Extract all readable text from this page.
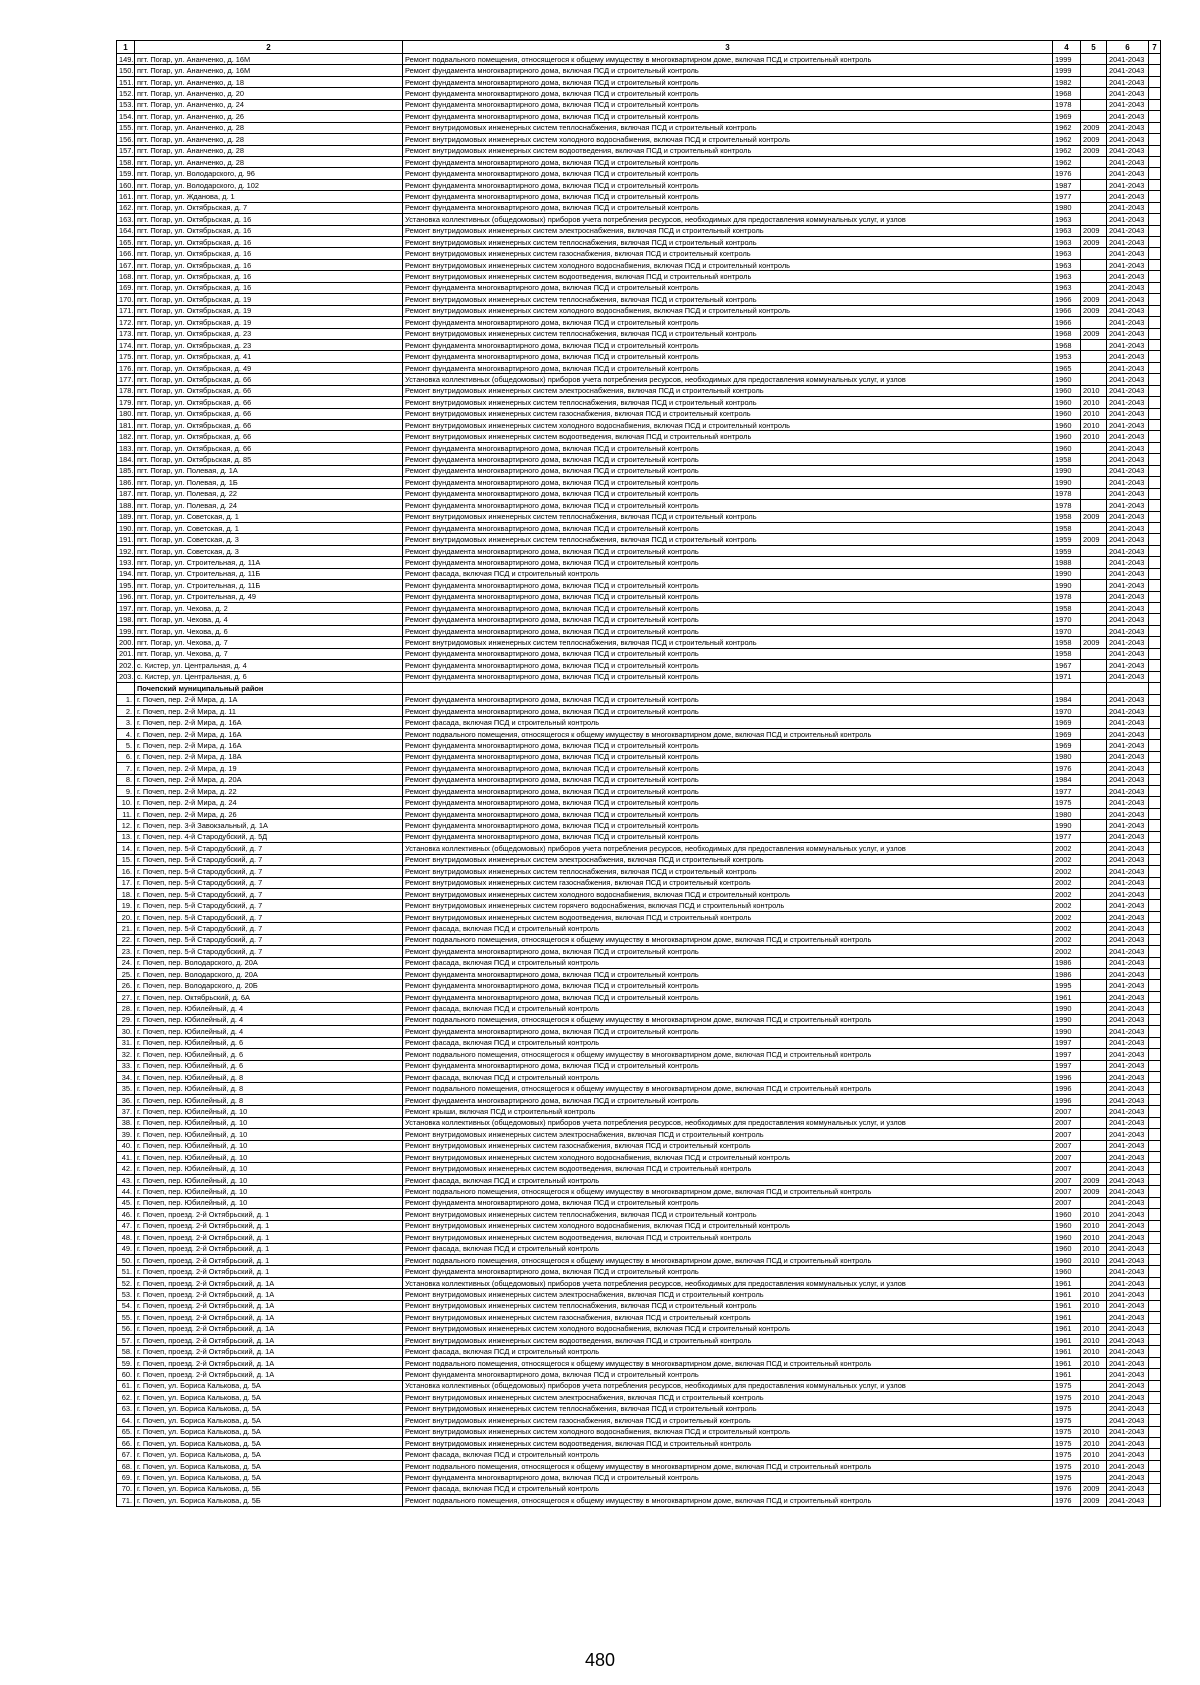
1	2	3	4	5	6	7
149.	пгт. Погар, ул. Ананченко, д. 16М	Ремонт подвального помещения, относящегося к общему имуществу в многоквартирном доме, включая ПСД и строительный контроль	1999		2041-2043	
150.	пгт. Погар, ул. Ананченко, д. 16М	Ремонт фундамента многоквартирного дома, включая ПСД и строительный контроль	1999		2041-2043	
151.	пгт. Погар, ул. Ананченко, д. 18	Ремонт фундамента многоквартирного дома, включая ПСД и строительный контроль	1982		2041-2043	
152.	пгт. Погар, ул. Ананченко, д. 20	Ремонт фундамента многоквартирного дома, включая ПСД и строительный контроль	1968		2041-2043	
153.	пгт. Погар, ул. Ананченко, д. 24	Ремонт фундамента многоквартирного дома, включая ПСД и строительный контроль	1978		2041-2043	
154.	пгт. Погар, ул. Ананченко, д. 26	Ремонт фундамента многоквартирного дома, включая ПСД и строительный контроль	1969		2041-2043	
155.	пгт. Погар, ул. Ананченко, д. 28	Ремонт внутридомовых инженерных систем теплоснабжения, включая ПСД и строительный контроль	1962	2009	2041-2043	
156.	пгт. Погар, ул. Ананченко, д. 28	Ремонт внутридомовых инженерных систем холодного водоснабжения, включая ПСД и строительный контроль	1962	2009	2041-2043	
157.	пгт. Погар, ул. Ананченко, д. 28	Ремонт внутридомовых инженерных систем водоотведения, включая ПСД и строительный контроль	1962	2009	2041-2043	
158.	пгт. Погар, ул. Ананченко, д. 28	Ремонт фундамента многоквартирного дома, включая ПСД и строительный контроль	1962		2041-2043	
159.	пгт. Погар, ул. Володарского, д. 96	Ремонт фундамента многоквартирного дома, включая ПСД и строительный контроль	1976		2041-2043	
160.	пгт. Погар, ул. Володарского, д. 102	Ремонт фундамента многоквартирного дома, включая ПСД и строительный контроль	1987		2041-2043	
161.	пгт. Погар, ул. Жданова, д. 1	Ремонт фундамента многоквартирного дома, включая ПСД и строительный контроль	1977		2041-2043	
162.	пгт. Погар, ул. Октябрьская, д. 7	Ремонт фундамента многоквартирного дома, включая ПСД и строительный контроль	1980		2041-2043	
163.	пгт. Погар, ул. Октябрьская, д. 16	Установка коллективных (общедомовых) приборов учета потребления ресурсов, необходимых для предоставления коммунальных услуг, и узлов	1963		2041-2043	
164.	пгт. Погар, ул. Октябрьская, д. 16	Ремонт внутридомовых инженерных систем электроснабжения, включая ПСД и строительный контроль	1963	2009	2041-2043	
165.	пгт. Погар, ул. Октябрьская, д. 16	Ремонт внутридомовых инженерных систем теплоснабжения, включая ПСД и строительный контроль	1963	2009	2041-2043	
166.	пгт. Погар, ул. Октябрьская, д. 16	Ремонт внутридомовых инженерных систем газоснабжения, включая ПСД и строительный контроль	1963		2041-2043	
167.	пгт. Погар, ул. Октябрьская, д. 16	Ремонт внутридомовых инженерных систем холодного водоснабжения, включая ПСД и строительный контроль	1963		2041-2043	
168.	пгт. Погар, ул. Октябрьская, д. 16	Ремонт внутридомовых инженерных систем водоотведения, включая ПСД и строительный контроль	1963		2041-2043	
169.	пгт. Погар, ул. Октябрьская, д. 16	Ремонт фундамента многоквартирного дома, включая ПСД и строительный контроль	1963		2041-2043	
170.	пгт. Погар, ул. Октябрьская, д. 19	Ремонт внутридомовых инженерных систем теплоснабжения, включая ПСД и строительный контроль	1966	2009	2041-2043	
171.	пгт. Погар, ул. Октябрьская, д. 19	Ремонт внутридомовых инженерных систем холодного водоснабжения, включая ПСД и строительный контроль	1966	2009	2041-2043	
172.	пгт. Погар, ул. Октябрьская, д. 19	Ремонт фундамента многоквартирного дома, включая ПСД и строительный контроль	1966		2041-2043	
173.	пгт. Погар, ул. Октябрьская, д. 23	Ремонт внутридомовых инженерных систем теплоснабжения, включая ПСД и строительный контроль	1968	2009	2041-2043	
174.	пгт. Погар, ул. Октябрьская, д. 23	Ремонт фундамента многоквартирного дома, включая ПСД и строительный контроль	1968		2041-2043	
175.	пгт. Погар, ул. Октябрьская, д. 41	Ремонт фундамента многоквартирного дома, включая ПСД и строительный контроль	1953		2041-2043	
176.	пгт. Погар, ул. Октябрьская, д. 49	Ремонт фундамента многоквартирного дома, включая ПСД и строительный контроль	1965		2041-2043	
177.	пгт. Погар, ул. Октябрьская, д. 66	Установка коллективных (общедомовых) приборов учета потребления ресурсов, необходимых для предоставления коммунальных услуг, и узлов	1960		2041-2043	
178.	пгт. Погар, ул. Октябрьская, д. 66	Ремонт внутридомовых инженерных систем электроснабжения, включая ПСД и строительный контроль	1960	2010	2041-2043	
179.	пгт. Погар, ул. Октябрьская, д. 66	Ремонт внутридомовых инженерных систем теплоснабжения, включая ПСД и строительный контроль	1960	2010	2041-2043	
180.	пгт. Погар, ул. Октябрьская, д. 66	Ремонт внутридомовых инженерных систем газоснабжения, включая ПСД и строительный контроль	1960	2010	2041-2043	
181.	пгт. Погар, ул. Октябрьская, д. 66	Ремонт внутридомовых инженерных систем холодного водоснабжения, включая ПСД и строительный контроль	1960	2010	2041-2043	
182.	пгт. Погар, ул. Октябрьская, д. 66	Ремонт внутридомовых инженерных систем водоотведения, включая ПСД и строительный контроль	1960	2010	2041-2043	
183.	пгт. Погар, ул. Октябрьская, д. 66	Ремонт фундамента многоквартирного дома, включая ПСД и строительный контроль	1960		2041-2043	
184.	пгт. Погар, ул. Октябрьская, д. 85	Ремонт фундамента многоквартирного дома, включая ПСД и строительный контроль	1958		2041-2043	
185.	пгт. Погар, ул. Полевая, д. 1А	Ремонт фундамента многоквартирного дома, включая ПСД и строительный контроль	1990		2041-2043	
186.	пгт. Погар, ул. Полевая, д. 1Б	Ремонт фундамента многоквартирного дома, включая ПСД и строительный контроль	1990		2041-2043	
187.	пгт. Погар, ул. Полевая, д. 22	Ремонт фундамента многоквартирного дома, включая ПСД и строительный контроль	1978		2041-2043	
188.	пгт. Погар, ул. Полевая, д. 24	Ремонт фундамента многоквартирного дома, включая ПСД и строительный контроль	1978		2041-2043	
189.	пгт. Погар, ул. Советская, д. 1	Ремонт внутридомовых инженерных систем теплоснабжения, включая ПСД и строительный контроль	1958	2009	2041-2043	
190.	пгт. Погар, ул. Советская, д. 1	Ремонт фундамента многоквартирного дома, включая ПСД и строительный контроль	1958		2041-2043	
191.	пгт. Погар, ул. Советская, д. 3	Ремонт внутридомовых инженерных систем теплоснабжения, включая ПСД и строительный контроль	1959	2009	2041-2043	
192.	пгт. Погар, ул. Советская, д. 3	Ремонт фундамента многоквартирного дома, включая ПСД и строительный контроль	1959		2041-2043	
193.	пгт. Погар, ул. Строительная, д. 11А	Ремонт фундамента многоквартирного дома, включая ПСД и строительный контроль	1988		2041-2043	
194.	пгт. Погар, ул. Строительная, д. 11Б	Ремонт фасада, включая ПСД и строительный контроль	1990		2041-2043	
195.	пгт. Погар, ул. Строительная, д. 11Б	Ремонт фундамента многоквартирного дома, включая ПСД и строительный контроль	1990		2041-2043	
196.	пгт. Погар, ул. Строительная, д. 49	Ремонт фундамента многоквартирного дома, включая ПСД и строительный контроль	1978		2041-2043	
197.	пгт. Погар, ул. Чехова, д. 2	Ремонт фундамента многоквартирного дома, включая ПСД и строительный контроль	1958		2041-2043	
198.	пгт. Погар, ул. Чехова, д. 4	Ремонт фундамента многоквартирного дома, включая ПСД и строительный контроль	1970		2041-2043	
199.	пгт. Погар, ул. Чехова, д. 6	Ремонт фундамента многоквартирного дома, включая ПСД и строительный контроль	1970		2041-2043	
200.	пгт. Погар, ул. Чехова, д. 7	Ремонт внутридомовых инженерных систем теплоснабжения, включая ПСД и строительный контроль	1958	2009	2041-2043	
201.	пгт. Погар, ул. Чехова, д. 7	Ремонт фундамента многоквартирного дома, включая ПСД и строительный контроль	1958		2041-2043	
202.	с. Кистер, ул. Центральная, д. 4	Ремонт фундамента многоквартирного дома, включая ПСД и строительный контроль	1967		2041-2043	
203.	с. Кистер, ул. Центральная, д. 6	Ремонт фундамента многоквартирного дома, включая ПСД и строительный контроль	1971		2041-2043	
	Почепский муниципальный район					
1.	г. Почеп, пер. 2-й Мира, д. 1А	Ремонт фундамента многоквартирного дома, включая ПСД и строительный контроль	1984		2041-2043	
2.	г. Почеп, пер. 2-й Мира, д. 11	Ремонт фундамента многоквартирного дома, включая ПСД и строительный контроль	1970		2041-2043	
3.	г. Почеп, пер. 2-й Мира, д. 16А	Ремонт фасада, включая ПСД и строительный контроль	1969		2041-2043	
4.	г. Почеп, пер. 2-й Мира, д. 16А	Ремонт подвального помещения, относящегося к общему имуществу в многоквартирном доме, включая ПСД и строительный контроль	1969		2041-2043	
5.	г. Почеп, пер. 2-й Мира, д. 16А	Ремонт фундамента многоквартирного дома, включая ПСД и строительный контроль	1969		2041-2043	
6.	г. Почеп, пер. 2-й Мира, д. 18А	Ремонт фундамента многоквартирного дома, включая ПСД и строительный контроль	1980		2041-2043	
7.	г. Почеп, пер. 2-й Мира, д. 19	Ремонт фундамента многоквартирного дома, включая ПСД и строительный контроль	1976		2041-2043	
8.	г. Почеп, пер. 2-й Мира, д. 20А	Ремонт фундамента многоквартирного дома, включая ПСД и строительный контроль	1984		2041-2043	
9.	г. Почеп, пер. 2-й Мира, д. 22	Ремонт фундамента многоквартирного дома, включая ПСД и строительный контроль	1977		2041-2043	
10.	г. Почеп, пер. 2-й Мира, д. 24	Ремонт фундамента многоквартирного дома, включая ПСД и строительный контроль	1975		2041-2043	
11.	г. Почеп, пер. 2-й Мира, д. 26	Ремонт фундамента многоквартирного дома, включая ПСД и строительный контроль	1980		2041-2043	
12.	г. Почеп, пер. 3-й Завокзальный, д. 1А	Ремонт фундамента многоквартирного дома, включая ПСД и строительный контроль	1990		2041-2043	
13.	г. Почеп, пер. 4-й Стародубский, д. 5Д	Ремонт фундамента многоквартирного дома, включая ПСД и строительный контроль	1977		2041-2043	
14.	г. Почеп, пер. 5-й Стародубский, д. 7	Установка коллективных (общедомовых) приборов учета потребления ресурсов, необходимых для предоставления коммунальных услуг, и узлов	2002		2041-2043	
15.	г. Почеп, пер. 5-й Стародубский, д. 7	Ремонт внутридомовых инженерных систем электроснабжения, включая ПСД и строительный контроль	2002		2041-2043	
16.	г. Почеп, пер. 5-й Стародубский, д. 7	Ремонт внутридомовых инженерных систем теплоснабжения, включая ПСД и строительный контроль	2002		2041-2043	
17.	г. Почеп, пер. 5-й Стародубский, д. 7	Ремонт внутридомовых инженерных систем газоснабжения, включая ПСД и строительный контроль	2002		2041-2043	
18.	г. Почеп, пер. 5-й Стародубский, д. 7	Ремонт внутридомовых инженерных систем холодного водоснабжения, включая ПСД и строительный контроль	2002		2041-2043	
19.	г. Почеп, пер. 5-й Стародубский, д. 7	Ремонт внутридомовых инженерных систем горячего водоснабжения, включая ПСД и строительный контроль	2002		2041-2043	
20.	г. Почеп, пер. 5-й Стародубский, д. 7	Ремонт внутридомовых инженерных систем водоотведения, включая ПСД и строительный контроль	2002		2041-2043	
21.	г. Почеп, пер. 5-й Стародубский, д. 7	Ремонт фасада, включая ПСД и строительный контроль	2002		2041-2043	
22.	г. Почеп, пер. 5-й Стародубский, д. 7	Ремонт подвального помещения, относящегося к общему имуществу в многоквартирном доме, включая ПСД и строительный контроль	2002		2041-2043	
23.	г. Почеп, пер. 5-й Стародубский, д. 7	Ремонт фундамента многоквартирного дома, включая ПСД и строительный контроль	2002		2041-2043	
24.	г. Почеп, пер. Володарского, д. 20А	Ремонт фасада, включая ПСД и строительный контроль	1986		2041-2043	
25.	г. Почеп, пер. Володарского, д. 20А	Ремонт фундамента многоквартирного дома, включая ПСД и строительный контроль	1986		2041-2043	
26.	г. Почеп, пер. Володарского, д. 20Б	Ремонт фундамента многоквартирного дома, включая ПСД и строительный контроль	1995		2041-2043	
27.	г. Почеп, пер. Октябрьский, д. 6А	Ремонт фундамента многоквартирного дома, включая ПСД и строительный контроль	1961		2041-2043	
28.	г. Почеп, пер. Юбилейный, д. 4	Ремонт фасада, включая ПСД и строительный контроль	1990		2041-2043	
29.	г. Почеп, пер. Юбилейный, д. 4	Ремонт подвального помещения, относящегося к общему имуществу в многоквартирном доме, включая ПСД и строительный контроль	1990		2041-2043	
30.	г. Почеп, пер. Юбилейный, д. 4	Ремонт фундамента многоквартирного дома, включая ПСД и строительный контроль	1990		2041-2043	
31.	г. Почеп, пер. Юбилейный, д. 6	Ремонт фасада, включая ПСД и строительный контроль	1997		2041-2043	
32.	г. Почеп, пер. Юбилейный, д. 6	Ремонт подвального помещения, относящегося к общему имуществу в многоквартирном доме, включая ПСД и строительный контроль	1997		2041-2043	
33.	г. Почеп, пер. Юбилейный, д. 6	Ремонт фундамента многоквартирного дома, включая ПСД и строительный контроль	1997		2041-2043	
34.	г. Почеп, пер. Юбилейный, д. 8	Ремонт фасада, включая ПСД и строительный контроль	1996		2041-2043	
35.	г. Почеп, пер. Юбилейный, д. 8	Ремонт подвального помещения, относящегося к общему имуществу в многоквартирном доме, включая ПСД и строительный контроль	1996		2041-2043	
36.	г. Почеп, пер. Юбилейный, д. 8	Ремонт фундамента многоквартирного дома, включая ПСД и строительный контроль	1996		2041-2043	
37.	г. Почеп, пер. Юбилейный, д. 10	Ремонт крыши, включая ПСД и строительный контроль	2007		2041-2043	
38.	г. Почеп, пер. Юбилейный, д. 10	Установка коллективных (общедомовых) приборов учета потребления ресурсов, необходимых для предоставления коммунальных услуг, и узлов	2007		2041-2043	
39.	г. Почеп, пер. Юбилейный, д. 10	Ремонт внутридомовых инженерных систем электроснабжения, включая ПСД и строительный контроль	2007		2041-2043	
40.	г. Почеп, пер. Юбилейный, д. 10	Ремонт внутридомовых инженерных систем газоснабжения, включая ПСД и строительный контроль	2007		2041-2043	
41.	г. Почеп, пер. Юбилейный, д. 10	Ремонт внутридомовых инженерных систем холодного водоснабжения, включая ПСД и строительный контроль	2007		2041-2043	
42.	г. Почеп, пер. Юбилейный, д. 10	Ремонт внутридомовых инженерных систем водоотведения, включая ПСД и строительный контроль	2007		2041-2043	
43.	г. Почеп, пер. Юбилейный, д. 10	Ремонт фасада, включая ПСД и строительный контроль	2007	2009	2041-2043	
44.	г. Почеп, пер. Юбилейный, д. 10	Ремонт подвального помещения, относящегося к общему имуществу в многоквартирном доме, включая ПСД и строительный контроль	2007	2009	2041-2043	
45.	г. Почеп, пер. Юбилейный, д. 10	Ремонт фундамента многоквартирного дома, включая ПСД и строительный контроль	2007		2041-2043	
46.	г. Почеп, проезд. 2-й Октябрьский, д. 1	Ремонт внутридомовых инженерных систем теплоснабжения, включая ПСД и строительный контроль	1960	2010	2041-2043	
47.	г. Почеп, проезд. 2-й Октябрьский, д. 1	Ремонт внутридомовых инженерных систем холодного водоснабжения, включая ПСД и строительный контроль	1960	2010	2041-2043	
48.	г. Почеп, проезд. 2-й Октябрьский, д. 1	Ремонт внутридомовых инженерных систем водоотведения, включая ПСД и строительный контроль	1960	2010	2041-2043	
49.	г. Почеп, проезд. 2-й Октябрьский, д. 1	Ремонт фасада, включая ПСД и строительный контроль	1960	2010	2041-2043	
50.	г. Почеп, проезд. 2-й Октябрьский, д. 1	Ремонт подвального помещения, относящегося к общему имуществу в многоквартирном доме, включая ПСД и строительный контроль	1960	2010	2041-2043	
51.	г. Почеп, проезд. 2-й Октябрьский, д. 1	Ремонт фундамента многоквартирного дома, включая ПСД и строительный контроль	1960		2041-2043	
52.	г. Почеп, проезд. 2-й Октябрьский, д. 1А	Установка коллективных (общедомовых) приборов учета потребления ресурсов, необходимых для предоставления коммунальных услуг, и узлов	1961		2041-2043	
53.	г. Почеп, проезд. 2-й Октябрьский, д. 1А	Ремонт внутридомовых инженерных систем электроснабжения, включая ПСД и строительный контроль	1961	2010	2041-2043	
54.	г. Почеп, проезд. 2-й Октябрьский, д. 1А	Ремонт внутридомовых инженерных систем теплоснабжения, включая ПСД и строительный контроль	1961	2010	2041-2043	
55.	г. Почеп, проезд. 2-й Октябрьский, д. 1А	Ремонт внутридомовых инженерных систем газоснабжения, включая ПСД и строительный контроль	1961		2041-2043	
56.	г. Почеп, проезд. 2-й Октябрьский, д. 1А	Ремонт внутридомовых инженерных систем холодного водоснабжения, включая ПСД и строительный контроль	1961	2010	2041-2043	
57.	г. Почеп, проезд. 2-й Октябрьский, д. 1А	Ремонт внутридомовых инженерных систем водоотведения, включая ПСД и строительный контроль	1961	2010	2041-2043	
58.	г. Почеп, проезд. 2-й Октябрьский, д. 1А	Ремонт фасада, включая ПСД и строительный контроль	1961	2010	2041-2043	
59.	г. Почеп, проезд. 2-й Октябрьский, д. 1А	Ремонт подвального помещения, относящегося к общему имуществу в многоквартирном доме, включая ПСД и строительный контроль	1961	2010	2041-2043	
60.	г. Почеп, проезд. 2-й Октябрьский, д. 1А	Ремонт фундамента многоквартирного дома, включая ПСД и строительный контроль	1961		2041-2043	
61.	г. Почеп, ул. Бориса Калькова, д. 5А	Установка коллективных (общедомовых) приборов учета потребления ресурсов, необходимых для предоставления коммунальных услуг, и узлов	1975		2041-2043	
62.	г. Почеп, ул. Бориса Калькова, д. 5А	Ремонт внутридомовых инженерных систем электроснабжения, включая ПСД и строительный контроль	1975	2010	2041-2043	
63.	г. Почеп, ул. Бориса Калькова, д. 5А	Ремонт внутридомовых инженерных систем теплоснабжения, включая ПСД и строительный контроль	1975		2041-2043	
64.	г. Почеп, ул. Бориса Калькова, д. 5А	Ремонт внутридомовых инженерных систем газоснабжения, включая ПСД и строительный контроль	1975		2041-2043	
65.	г. Почеп, ул. Бориса Калькова, д. 5А	Ремонт внутридомовых инженерных систем холодного водоснабжения, включая ПСД и строительный контроль	1975	2010	2041-2043	
66.	г. Почеп, ул. Бориса Калькова, д. 5А	Ремонт внутридомовых инженерных систем водоотведения, включая ПСД и строительный контроль	1975	2010	2041-2043	
67.	г. Почеп, ул. Бориса Калькова, д. 5А	Ремонт фасада, включая ПСД и строительный контроль	1975	2010	2041-2043	
68.	г. Почеп, ул. Бориса Калькова, д. 5А	Ремонт подвального помещения, относящегося к общему имуществу в многоквартирном доме, включая ПСД и строительный контроль	1975	2010	2041-2043	
69.	г. Почеп, ул. Бориса Калькова, д. 5А	Ремонт фундамента многоквартирного дома, включая ПСД и строительный контроль	1975		2041-2043	
70.	г. Почеп, ул. Бориса Калькова, д. 5Б	Ремонт фасада, включая ПСД и строительный контроль	1976	2009	2041-2043	
71.	г. Почеп, ул. Бориса Калькова, д. 5Б	Ремонт подвального помещения, относящегося к общему имуществу в многоквартирном доме, включая ПСД и строительный контроль	1976	2009	2041-2043	
480
